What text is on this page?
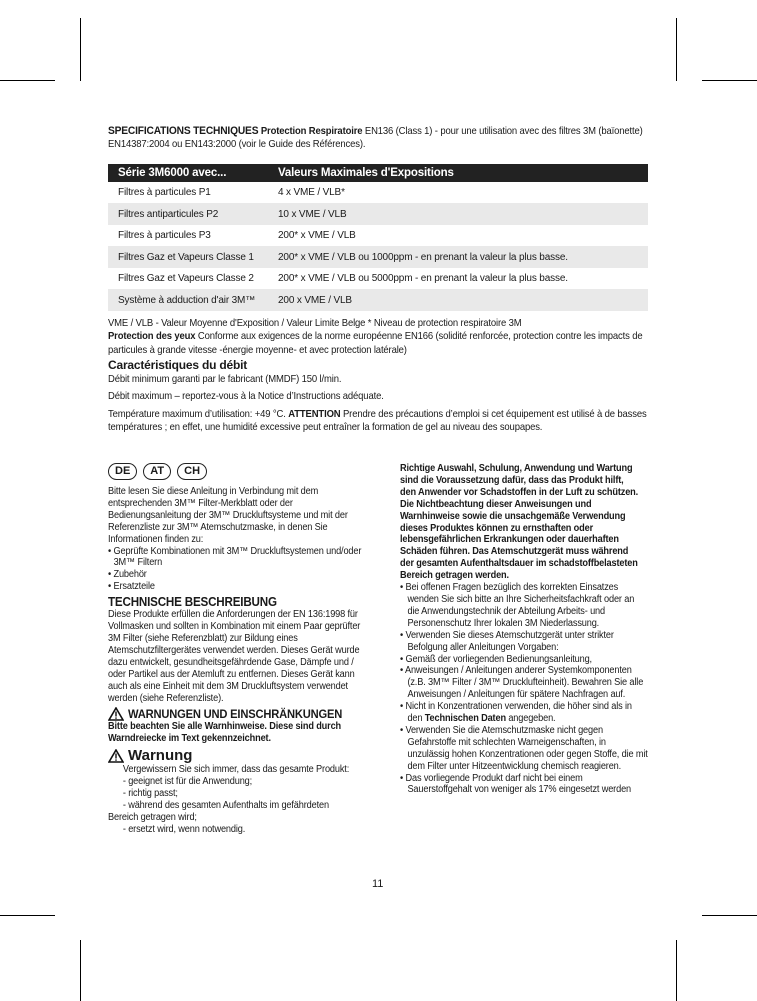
SPECIFICATIONS TECHNIQUES Protection Respiratoire EN136 (Class 1) - pour une utilisation avec des filtres 3M (baïonette) EN14387:2004 ou EN143:2000 (voir le Guide des Références).

Série 3M6000 avec...	Valeurs Maximales d'Expositions
Filtres à particules P1	4 x VME / VLB*
Filtres antiparticules P2	10 x VME / VLB
Filtres à particules P3	200* x VME / VLB
Filtres Gaz et Vapeurs Classe 1	200* x VME / VLB ou 1000ppm - en prenant la valeur la plus basse.
Filtres Gaz et Vapeurs Classe 2	200* x VME / VLB ou 5000ppm - en prenant la valeur la plus basse.
Système à adduction d'air 3M™	200 x VME / VLB

VME / VLB - Valeur Moyenne d'Exposition / Valeur Limite Belge * Niveau de protection respiratoire 3M

Protection des yeux Conforme aux exigences de la norme européenne EN166 (solidité renforcée, protection contre les impacts de particules à grande vitesse -énergie moyenne- et avec protection latérale)

Caractéristiques du débit

Débit minimum garanti par le fabricant (MMDF) 150 l/min.

Débit maximum – reportez-vous à la Notice d’Instructions adéquate.

Température maximum d’utilisation: +49 °C. ATTENTION Prendre des précautions d’emploi si cet équipement est utilisé à de basses températures ; en effet, une humidité excessive peut entraîner la formation de gel au niveau des soupapes.

DE	AT	CH

Bitte lesen Sie diese Anleitung in Verbindung mit dem entsprechenden 3M™ Filter-Merkblatt oder der Bedienungsanleitung der 3M™ Druckluftsysteme und mit der Referenzliste zur 3M™ Atemschutzmaske, in denen Sie Informationen finden zu:

• Geprüfte Kombinationen mit 3M™ Druckluftsystemen und/oder

3M™ Filtern

• Zubehör

• Ersatzteile

TECHNISCHE BESCHREIBUNG

Diese Produkte erfüllen die Anforderungen der EN 136:1998 für Vollmasken und sollten in Kombination mit einem Paar geprüfter 3M Filter (siehe Referenzblatt) zur Bildung eines Atemschutzfiltergerätes verwendet werden. Dieses Gerät wurde dazu entwickelt, gesundheitsgefährdende Gase, Dämpfe und / oder Partikel aus der Atemluft zu entfernen. Dieses Gerät kann auch als eine Einheit mit dem 3M Druckluftsystem verwendet werden (siehe Referenzliste).

WARNUNGEN UND EINSCHRÄNKUNGEN

Bitte beachten Sie alle Warnhinweise. Diese sind durch Warndreiecke im Text gekennzeichnet.

Warnung

Vergewissern Sie sich immer, dass das gesamte Produkt:

- geeignet ist für die Anwendung;

- richtig passt;

- während des gesamten Aufenthalts im gefährdeten

Bereich getragen wird;

- ersetzt wird, wenn notwendig.

Richtige Auswahl, Schulung, Anwendung und Wartung sind die Voraussetzung dafür, dass das Produkt hilft, den Anwender vor Schadstoffen in der Luft zu schützen. Die Nichtbeachtung dieser Anweisungen und Warnhinweise sowie die unsachgemäße Verwendung dieses Produktes können zu ernsthaften oder lebensgefährlichen Erkrankungen oder dauerhaften Schäden führen. Das Atemschutzgerät muss während der gesamten Aufenthaltsdauer im schadstoffbelasteten Bereich getragen werden.

• Bei offenen Fragen bezüglich des korrekten Einsatzes wenden Sie sich bitte an Ihre Sicherheitsfachkraft oder an die Anwendungstechnik der Abteilung Arbeits- und Personenschutz Ihrer lokalen 3M Niederlassung.

• Verwenden Sie dieses Atemschutzgerät unter strikter Befolgung aller Anleitungen Vorgaben:

• Gemäß der vorliegenden Bedienungsanleitung,

• Anweisungen / Anleitungen anderer Systemkomponenten (z.B. 3M™ Filter / 3M™ Drucklufteinheit). Bewahren Sie alle Anweisungen / Anleitungen für spätere Nachfragen auf.

• Nicht in Konzentrationen verwenden, die höher sind als in den Technischen Daten angegeben.

• Verwenden Sie die Atemschutzmaske nicht gegen Gefahrstoffe mit schlechten Warneigenschaften, in unzulässig hohen Konzentrationen oder gegen Stoffe, die mit dem Filter unter Hitzeentwicklung chemisch reagieren.

• Das vorliegende Produkt darf nicht bei einem Sauerstoffgehalt von weniger als 17% eingesetzt werden

11
